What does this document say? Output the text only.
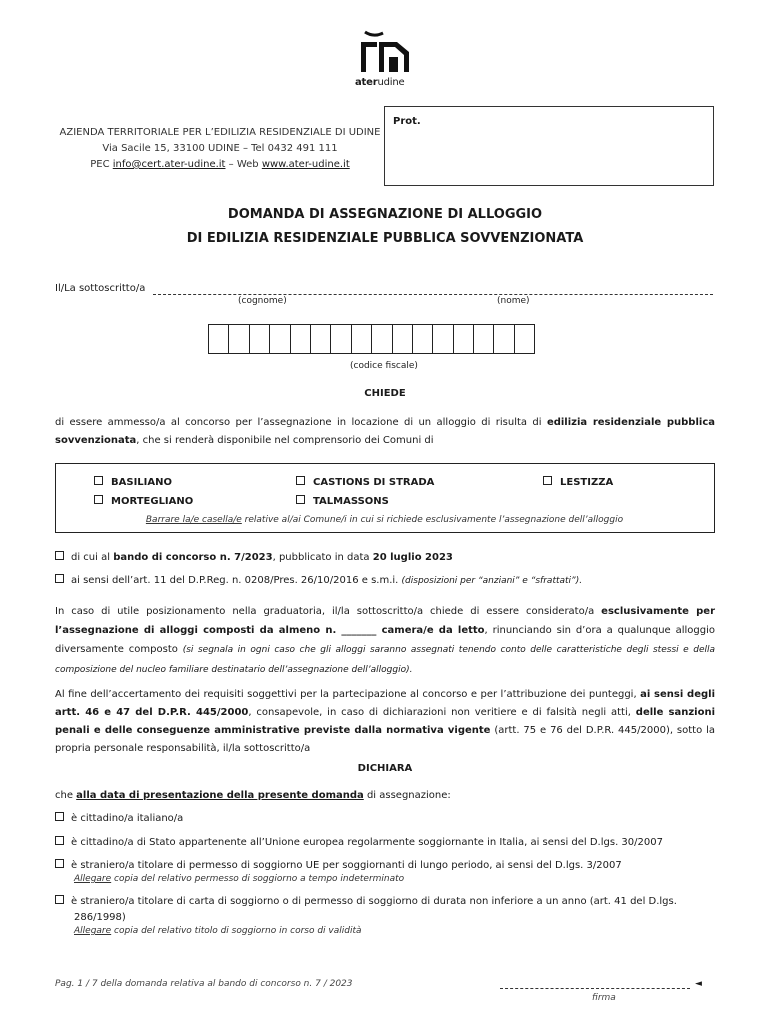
aterudine
AZIENDA TERRITORIALE PER L’EDILIZIA RESIDENZIALE DI UDINE
Via Sacile 15, 33100 UDINE – Tel 0432 491 111
PEC info@cert.ater-udine.it – Web www.ater-udine.it
Prot.
DOMANDA DI ASSEGNAZIONE DI ALLOGGIO
DI EDILIZIA RESIDENZIALE PUBBLICA SOVVENZIONATA
Il/La sottoscritto/a
(cognome)	(nome)
(codice fiscale)
CHIEDE
di essere ammesso/a al concorso per l’assegnazione in locazione di un alloggio di risulta di edilizia residenziale pubblica sovvenzionata, che si renderà disponibile nel comprensorio dei Comuni di
BASILIANO	CASTIONS DI STRADA	LESTIZZA
MORTEGLIANO	TALMASSONS
Barrare la/e casella/e relative al/ai Comune/i in cui si richiede esclusivamente l’assegnazione dell’alloggio
di cui al bando di concorso n. 7/2023, pubblicato in data 20 luglio 2023
ai sensi dell’art. 11 del D.P.Reg. n. 0208/Pres. 26/10/2016 e s.m.i. (disposizioni per “anziani” e “sfrattati”).
In caso di utile posizionamento nella graduatoria, il/la sottoscritto/a chiede di essere considerato/a esclusivamente per l’assegnazione di alloggi composti da almeno n. _______ camera/e da letto, rinunciando sin d’ora a qualunque alloggio diversamente composto (si segnala in ogni caso che gli alloggi saranno assegnati tenendo conto delle caratteristiche degli stessi e della composizione del nucleo familiare destinatario dell’assegnazione dell’alloggio).
Al fine dell’accertamento dei requisiti soggettivi per la partecipazione al concorso e per l’attribuzione dei punteggi, ai sensi degli artt. 46 e 47 del D.P.R. 445/2000, consapevole, in caso di dichiarazioni non veritiere e di falsità negli atti, delle sanzioni penali e delle conseguenze amministrative previste dalla normativa vigente (artt. 75 e 76 del D.P.R. 445/2000), sotto la propria personale responsabilità, il/la sottoscritto/a
DICHIARA
che alla data di presentazione della presente domanda di assegnazione:
è cittadino/a italiano/a
è cittadino/a di Stato appartenente all’Unione europea regolarmente soggiornante in Italia, ai sensi del D.lgs. 30/2007
è straniero/a titolare di permesso di soggiorno UE per soggiornanti di lungo periodo, ai sensi del D.lgs. 3/2007
Allegare copia del relativo permesso di soggiorno a tempo indeterminato
è straniero/a titolare di carta di soggiorno o di permesso di soggiorno di durata non inferiore a un anno (art. 41 del D.lgs. 286/1998)
Allegare copia del relativo titolo di soggiorno in corso di validità
Pag. 1 / 7 della domanda relativa al bando di concorso n. 7 / 2023	◄
firma
